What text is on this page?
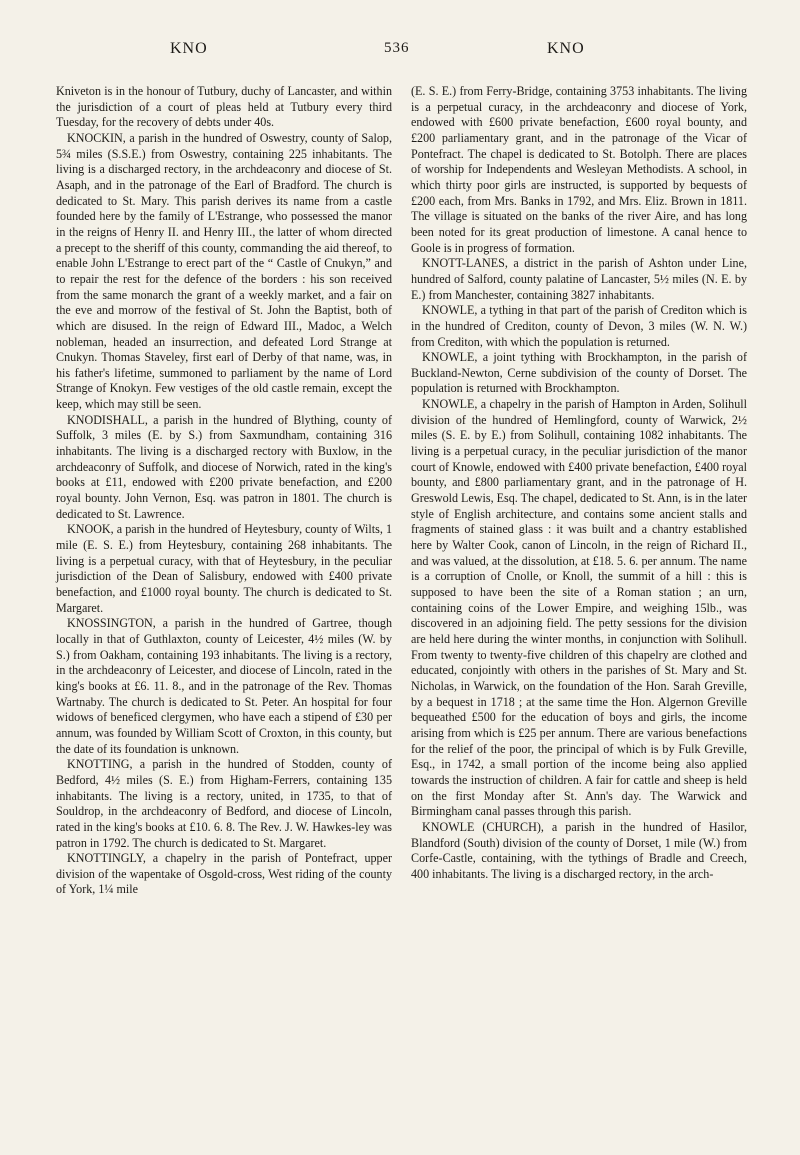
KNO	536	KNO

Kniveton is in the honour of Tutbury, duchy of Lancaster, and within the jurisdiction of a court of pleas held at Tutbury every third Tuesday, for the recovery of debts under 40s.

KNOCKIN, a parish in the hundred of Oswestry, county of Salop, 5¾ miles (S.S.E.) from Oswestry, containing 225 inhabitants. The living is a discharged rectory, in the archdeaconry and diocese of St. Asaph, and in the patronage of the Earl of Bradford. The church is dedicated to St. Mary. This parish derives its name from a castle founded here by the family of L'Estrange, who possessed the manor in the reigns of Henry II. and Henry III., the latter of whom directed a precept to the sheriff of this county, commanding the aid thereof, to enable John L'Estrange to erect part of the “ Castle of Cnukyn,” and to repair the rest for the defence of the borders : his son received from the same monarch the grant of a weekly market, and a fair on the eve and morrow of the festival of St. John the Baptist, both of which are disused. In the reign of Edward III., Madoc, a Welch nobleman, headed an insurrection, and defeated Lord Strange at Cnukyn. Thomas Staveley, first earl of Derby of that name, was, in his father's lifetime, summoned to parliament by the name of Lord Strange of Knokyn. Few vestiges of the old castle remain, except the keep, which may still be seen.

KNODISHALL, a parish in the hundred of Blything, county of Suffolk, 3 miles (E. by S.) from Saxmundham, containing 316 inhabitants. The living is a discharged rectory with Buxlow, in the archdeaconry of Suffolk, and diocese of Norwich, rated in the king's books at £11, endowed with £200 private benefaction, and £200 royal bounty. John Vernon, Esq. was patron in 1801. The church is dedicated to St. Lawrence.

KNOOK, a parish in the hundred of Heytesbury, county of Wilts, 1 mile (E. S. E.) from Heytesbury, containing 268 inhabitants. The living is a perpetual curacy, with that of Heytesbury, in the peculiar jurisdiction of the Dean of Salisbury, endowed with £400 private benefaction, and £1000 royal bounty. The church is dedicated to St. Margaret.

KNOSSINGTON, a parish in the hundred of Gartree, though locally in that of Guthlaxton, county of Leicester, 4½ miles (W. by S.) from Oakham, containing 193 inhabitants. The living is a rectory, in the archdeaconry of Leicester, and diocese of Lincoln, rated in the king's books at £6. 11. 8., and in the patronage of the Rev. Thomas Wartnaby. The church is dedicated to St. Peter. An hospital for four widows of beneficed clergymen, who have each a stipend of £30 per annum, was founded by William Scott of Croxton, in this county, but the date of its foundation is unknown.

KNOTTING, a parish in the hundred of Stodden, county of Bedford, 4½ miles (S. E.) from Higham-Ferrers, containing 135 inhabitants. The living is a rectory, united, in 1735, to that of Souldrop, in the archdeaconry of Bedford, and diocese of Lincoln, rated in the king's books at £10. 6. 8. The Rev. J. W. Hawkes-ley was patron in 1792. The church is dedicated to St. Margaret.

KNOTTINGLY, a chapelry in the parish of Pontefract, upper division of the wapentake of Osgold-cross, West riding of the county of York, 1¼ mile

(E. S. E.) from Ferry-Bridge, containing 3753 inhabitants. The living is a perpetual curacy, in the archdeaconry and diocese of York, endowed with £600 private benefaction, £600 royal bounty, and £200 parliamentary grant, and in the patronage of the Vicar of Pontefract. The chapel is dedicated to St. Botolph. There are places of worship for Independents and Wesleyan Methodists. A school, in which thirty poor girls are instructed, is supported by bequests of £200 each, from Mrs. Banks in 1792, and Mrs. Eliz. Brown in 1811. The village is situated on the banks of the river Aire, and has long been noted for its great production of limestone. A canal hence to Goole is in progress of formation.

KNOTT-LANES, a district in the parish of Ashton under Line, hundred of Salford, county palatine of Lancaster, 5½ miles (N. E. by E.) from Manchester, containing 3827 inhabitants.

KNOWLE, a tything in that part of the parish of Crediton which is in the hundred of Crediton, county of Devon, 3 miles (W. N. W.) from Crediton, with which the population is returned.

KNOWLE, a joint tything with Brockhampton, in the parish of Buckland-Newton, Cerne subdivision of the county of Dorset. The population is returned with Brockhampton.

KNOWLE, a chapelry in the parish of Hampton in Arden, Solihull division of the hundred of Hemlingford, county of Warwick, 2½ miles (S. E. by E.) from Solihull, containing 1082 inhabitants. The living is a perpetual curacy, in the peculiar jurisdiction of the manor court of Knowle, endowed with £400 private benefaction, £400 royal bounty, and £800 parliamentary grant, and in the patronage of H. Greswold Lewis, Esq. The chapel, dedicated to St. Ann, is in the later style of English architecture, and contains some ancient stalls and fragments of stained glass : it was built and a chantry established here by Walter Cook, canon of Lincoln, in the reign of Richard II., and was valued, at the dissolution, at £18. 5. 6. per annum. The name is a corruption of Cnolle, or Knoll, the summit of a hill : this is supposed to have been the site of a Roman station ; an urn, containing coins of the Lower Empire, and weighing 15lb., was discovered in an adjoining field. The petty sessions for the division are held here during the winter months, in conjunction with Solihull. From twenty to twenty-five children of this chapelry are clothed and educated, conjointly with others in the parishes of St. Mary and St. Nicholas, in Warwick, on the foundation of the Hon. Sarah Greville, by a bequest in 1718 ; at the same time the Hon. Algernon Greville bequeathed £500 for the education of boys and girls, the income arising from which is £25 per annum. There are various benefactions for the relief of the poor, the principal of which is by Fulk Greville, Esq., in 1742, a small portion of the income being also applied towards the instruction of children. A fair for cattle and sheep is held on the first Monday after St. Ann's day. The Warwick and Birmingham canal passes through this parish.

KNOWLE (CHURCH), a parish in the hundred of Hasilor, Blandford (South) division of the county of Dorset, 1 mile (W.) from Corfe-Castle, containing, with the tythings of Bradle and Creech, 400 inhabitants. The living is a discharged rectory, in the arch-
